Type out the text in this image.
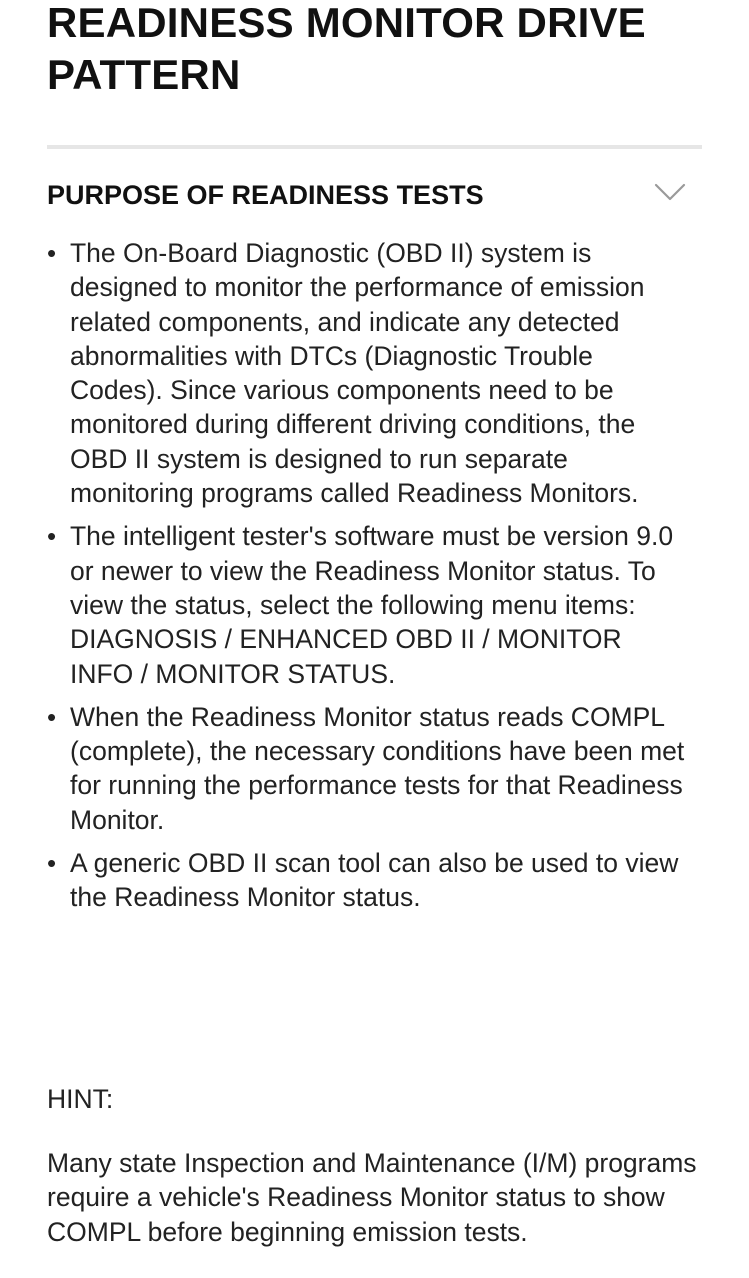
READINESS MONITOR DRIVE PATTERN
PURPOSE OF READINESS TESTS
• The On-Board Diagnostic (OBD II) system is designed to monitor the performance of emission related components, and indicate any detected abnormalities with DTCs (Diagnostic Trouble Codes). Since various components need to be monitored during different driving conditions, the OBD II system is designed to run separate monitoring programs called Readiness Monitors.
• The intelligent tester's software must be version 9.0 or newer to view the Readiness Monitor status. To view the status, select the following menu items: DIAGNOSIS / ENHANCED OBD II / MONITOR INFO / MONITOR STATUS.
• When the Readiness Monitor status reads COMPL (complete), the necessary conditions have been met for running the performance tests for that Readiness Monitor.
• A generic OBD II scan tool can also be used to view the Readiness Monitor status.

HINT:

Many state Inspection and Maintenance (I/M) programs require a vehicle's Readiness Monitor status to show COMPL before beginning emission tests.
